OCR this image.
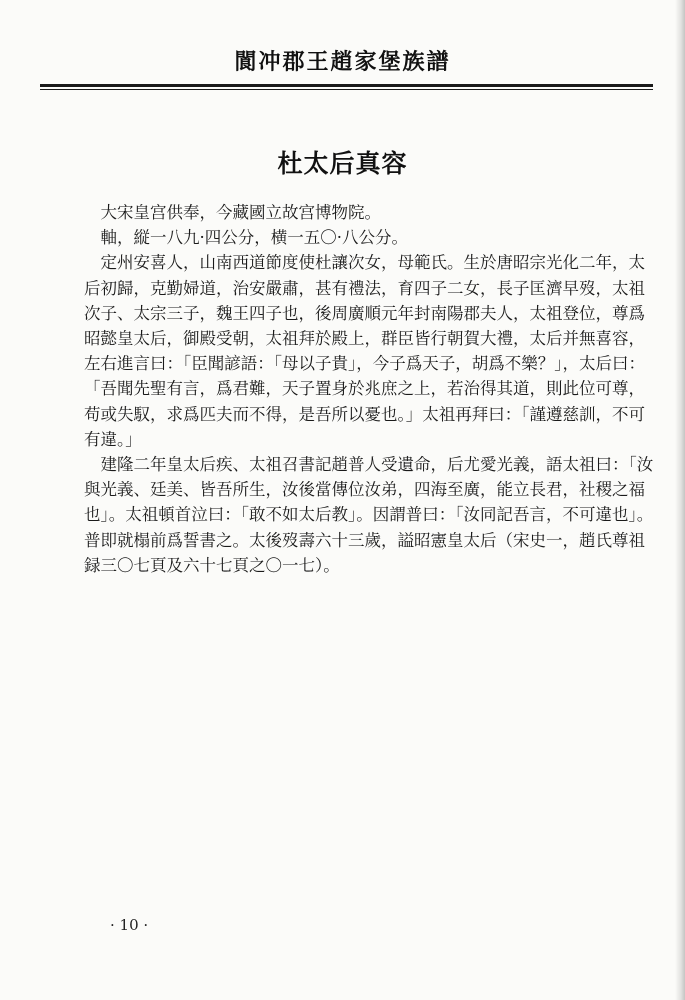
閬冲郡王趙家堡族譜
杜太后真容

大宋皇宫供奉，今藏國立故宫博物院。

軸，縦一八九·四公分，横一五〇·八公分。

定州安喜人，山南西道節度使杜讓次女，母範氏。生於唐昭宗光化二年，太后初歸，克勤婦道，治安嚴肅，甚有禮法，育四子二女，長子匡濟早歿，太祖次子、太宗三子，魏王四子也，後周廣順元年封南陽郡夫人，太祖登位，尊爲昭懿皇太后，御殿受朝，太祖拜於殿上，群臣皆行朝賀大禮，太后并無喜容，左右進言曰：「臣聞諺語：「母以子貴」，今子爲天子，胡爲不樂？」，太后曰：「吾聞先聖有言，爲君難，天子置身於兆庶之上，若治得其道，則此位可尊，苟或失馭，求爲匹夫而不得，是吾所以憂也。」太祖再拜曰：「謹遵慈訓，不可有違。」

建隆二年皇太后疾、太祖召書記趙普人受遺命，后尤愛光義，語太祖曰：「汝與光義、廷美、皆吾所生，汝後當傳位汝弟，四海至廣，能立長君，社稷之福也」。太祖頓首泣曰：「敢不如太后教」。因謂普曰：「汝同記吾言，不可違也」。普即就榻前爲誓書之。太後歿壽六十三歲，謚昭憲皇太后（宋史一，趙氏尊祖録三〇七頁及六十七頁之〇一七）。

· 10 ·
